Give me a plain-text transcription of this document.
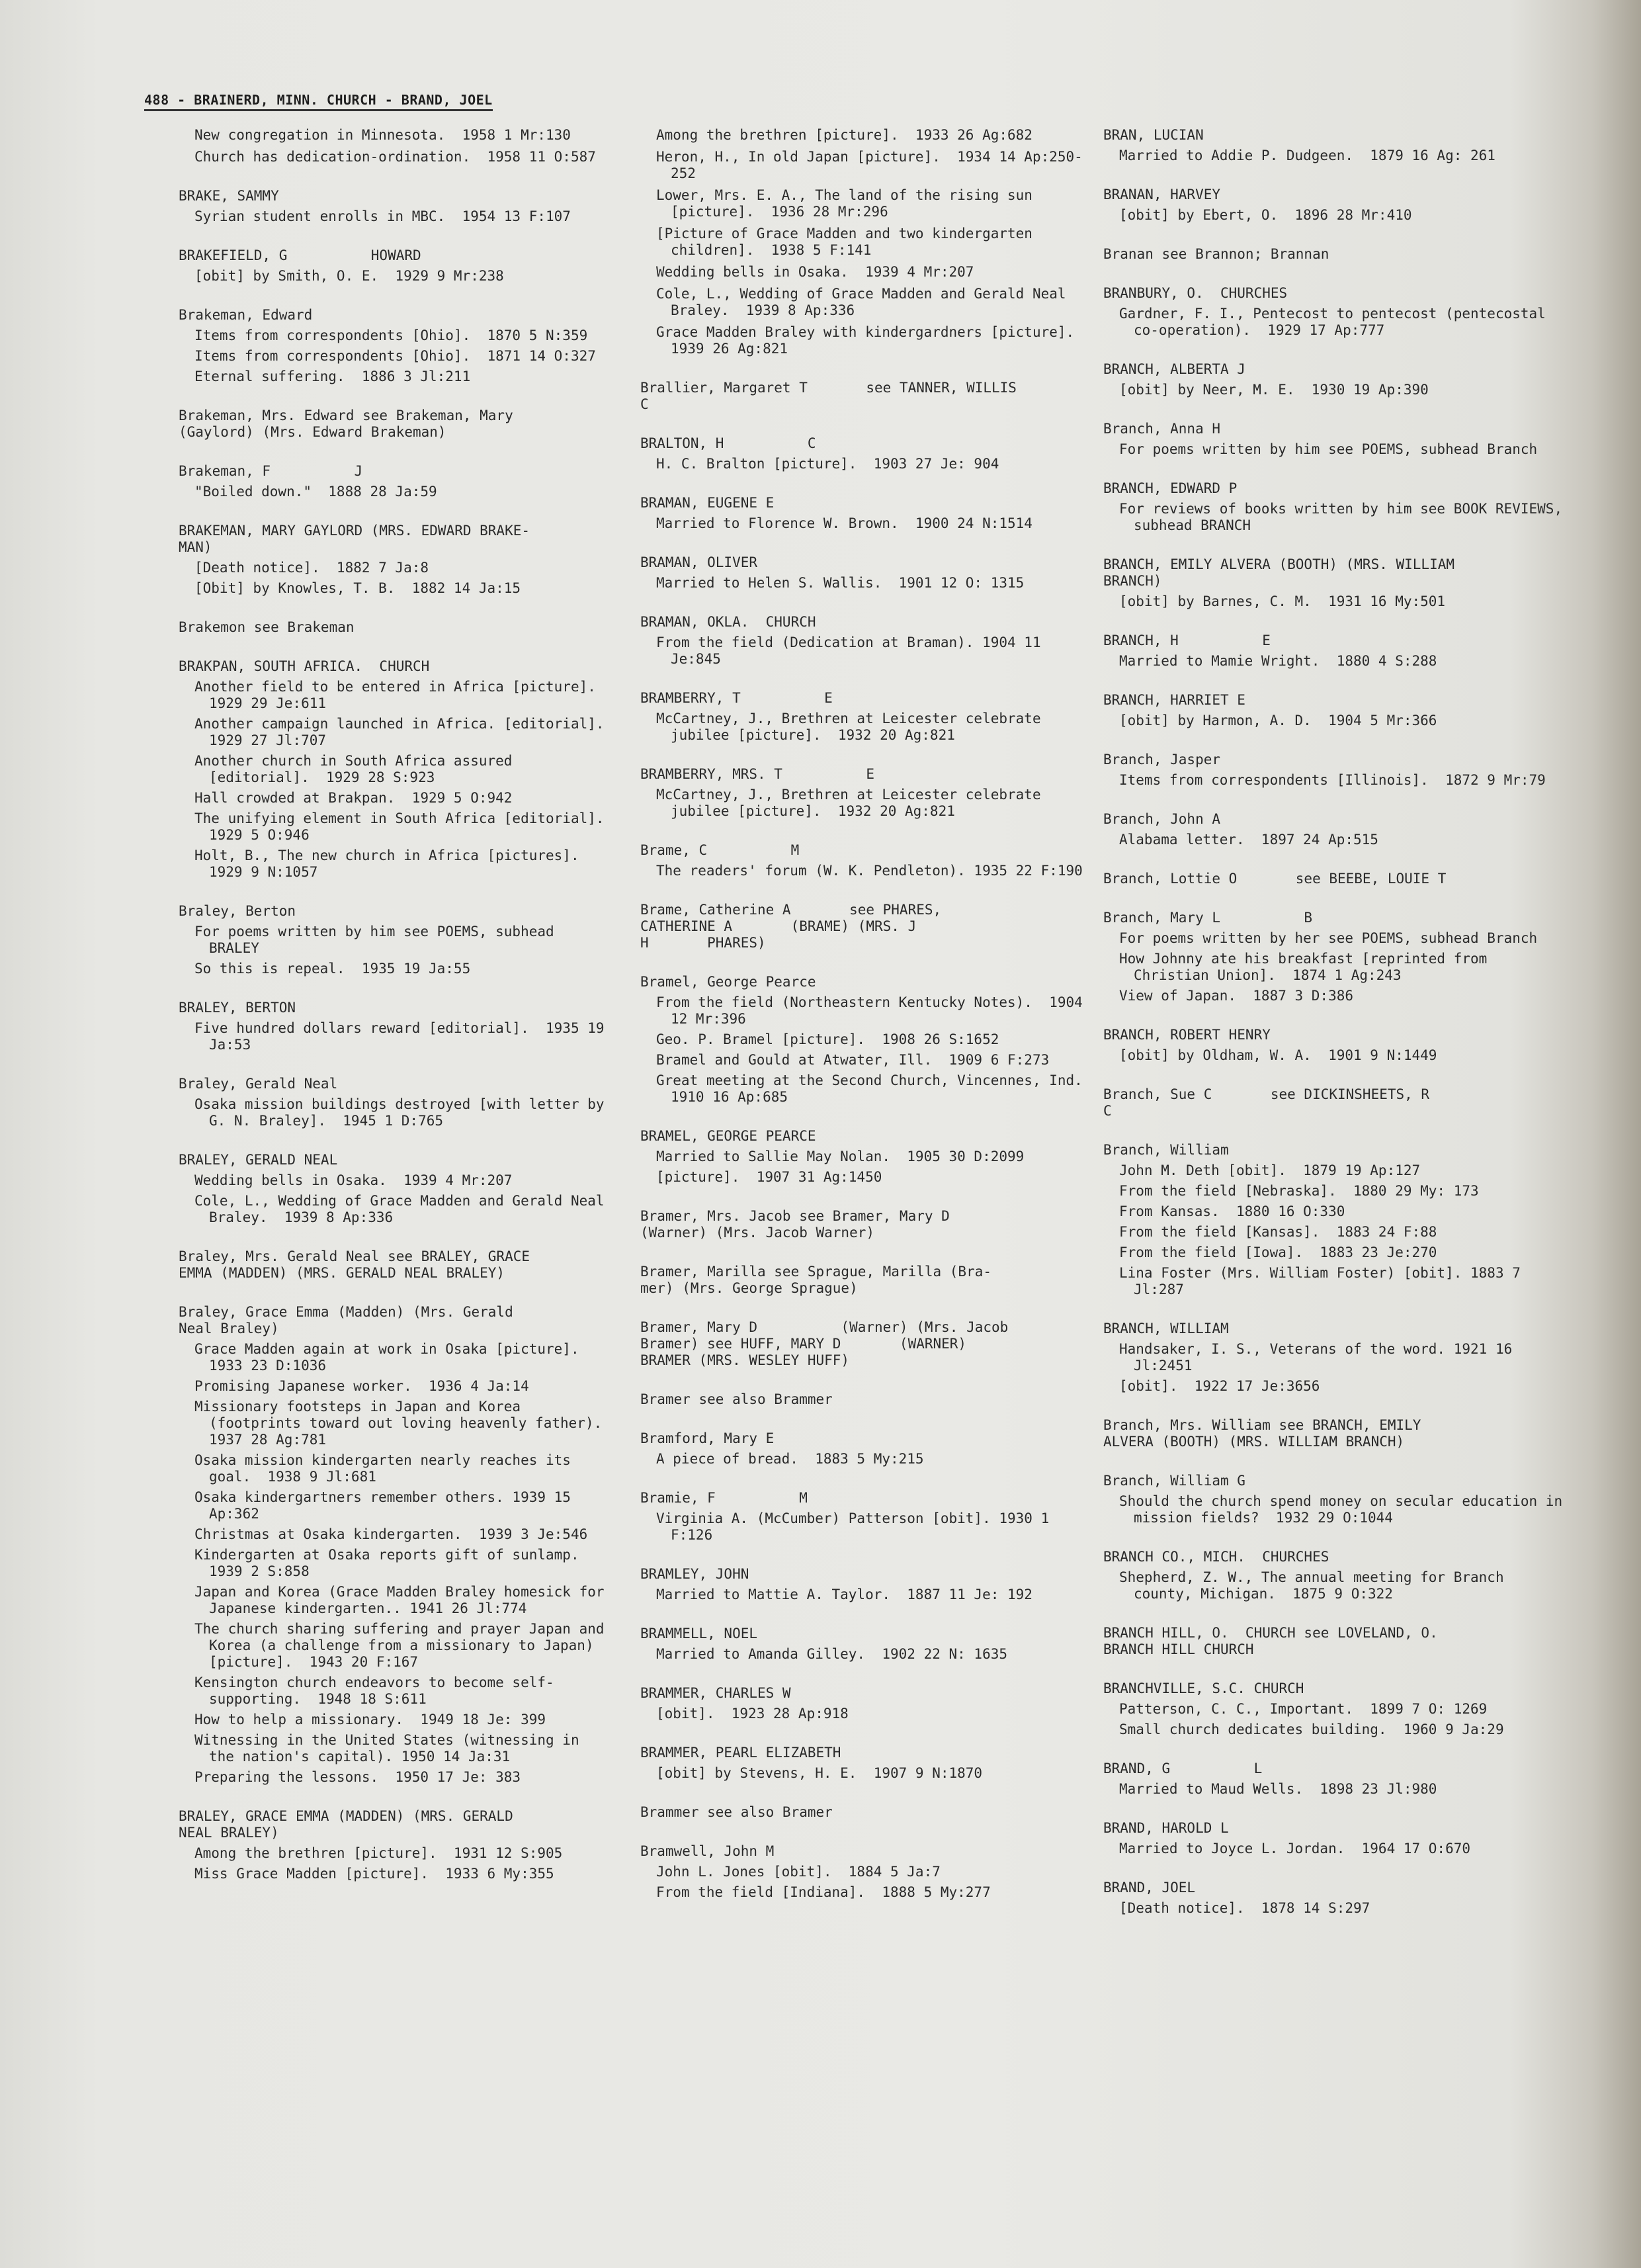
488 - BRAINERD, MINN. CHURCH - BRAND, JOEL
New congregation in Minnesota.  1958 1 Mr:130
Church has dedication-ordination.  1958 11 O:587
BRAKE, SAMMY
Syrian student enrolls in MBC.  1954 13 F:107
BRAKEFIELD, G          HOWARD
[obit] by Smith, O. E.  1929 9 Mr:238
Brakeman, Edward
Items from correspondents [Ohio].  1870 5 N:359
Items from correspondents [Ohio].  1871 14 O:327
Eternal suffering.  1886 3 Jl:211
Brakeman, Mrs. Edward see Brakeman, Mary
(Gaylord) (Mrs. Edward Brakeman)
Brakeman, F          J
"Boiled down."  1888 28 Ja:59
BRAKEMAN, MARY GAYLORD (MRS. EDWARD BRAKE-
MAN)
[Death notice].  1882 7 Ja:8
[Obit] by Knowles, T. B.  1882 14 Ja:15
Brakemon see Brakeman
BRAKPAN, SOUTH AFRICA.  CHURCH
Another field to be entered in Africa [picture].  1929 29 Je:611
Another campaign launched in Africa. [editorial].  1929 27 Jl:707
Another church in South Africa assured [editorial].  1929 28 S:923
Hall crowded at Brakpan.  1929 5 O:942
The unifying element in South Africa [editorial].  1929 5 O:946
Holt, B., The new church in Africa [pictures].  1929 9 N:1057
Braley, Berton
For poems written by him see POEMS, subhead BRALEY
So this is repeal.  1935 19 Ja:55
BRALEY, BERTON
Five hundred dollars reward [editorial].  1935 19 Ja:53
Braley, Gerald Neal
Osaka mission buildings destroyed [with letter by G. N. Braley].  1945 1 D:765
BRALEY, GERALD NEAL
Wedding bells in Osaka.  1939 4 Mr:207
Cole, L., Wedding of Grace Madden and Gerald Neal Braley.  1939 8 Ap:336
Braley, Mrs. Gerald Neal see BRALEY, GRACE
EMMA (MADDEN) (MRS. GERALD NEAL BRALEY)
Braley, Grace Emma (Madden) (Mrs. Gerald
Neal Braley)
Grace Madden again at work in Osaka [picture].  1933 23 D:1036
Promising Japanese worker.  1936 4 Ja:14
Missionary footsteps in Japan and Korea (footprints toward out loving heavenly father).  1937 28 Ag:781
Osaka mission kindergarten nearly reaches its goal.  1938 9 Jl:681
Osaka kindergartners remember others. 1939 15 Ap:362
Christmas at Osaka kindergarten.  1939 3 Je:546
Kindergarten at Osaka reports gift of sunlamp.  1939 2 S:858
Japan and Korea (Grace Madden Braley homesick for Japanese kindergarten.. 1941 26 Jl:774
The church sharing suffering and prayer Japan and Korea (a challenge from a missionary to Japan) [picture].  1943 20 F:167
Kensington church endeavors to become self-supporting.  1948 18 S:611
How to help a missionary.  1949 18 Je: 399
Witnessing in the United States (witnessing in the nation's capital). 1950 14 Ja:31
Preparing the lessons.  1950 17 Je: 383
BRALEY, GRACE EMMA (MADDEN) (MRS. GERALD
NEAL BRALEY)
Among the brethren [picture].  1931 12 S:905
Miss Grace Madden [picture].  1933 6 My:355
Among the brethren [picture].  1933 26 Ag:682
Heron, H., In old Japan [picture].  1934 14 Ap:250-252
Lower, Mrs. E. A., The land of the rising sun [picture].  1936 28 Mr:296
[Picture of Grace Madden and two kindergarten children].  1938 5 F:141
Wedding bells in Osaka.  1939 4 Mr:207
Cole, L., Wedding of Grace Madden and Gerald Neal Braley.  1939 8 Ap:336
Grace Madden Braley with kindergardners [picture].  1939 26 Ag:821
Brallier, Margaret T       see TANNER, WILLIS
C
BRALTON, H          C
H. C. Bralton [picture].  1903 27 Je: 904
BRAMAN, EUGENE E
Married to Florence W. Brown.  1900 24 N:1514
BRAMAN, OLIVER
Married to Helen S. Wallis.  1901 12 O: 1315
BRAMAN, OKLA.  CHURCH
From the field (Dedication at Braman). 1904 11 Je:845
BRAMBERRY, T          E
McCartney, J., Brethren at Leicester celebrate jubilee [picture].  1932 20 Ag:821
BRAMBERRY, MRS. T          E
McCartney, J., Brethren at Leicester celebrate jubilee [picture].  1932 20 Ag:821
Brame, C          M
The readers' forum (W. K. Pendleton). 1935 22 F:190
Brame, Catherine A       see PHARES,
CATHERINE A       (BRAME) (MRS. J
H       PHARES)
Bramel, George Pearce
From the field (Northeastern Kentucky Notes).  1904 12 Mr:396
Geo. P. Bramel [picture].  1908 26 S:1652
Bramel and Gould at Atwater, Ill.  1909 6 F:273
Great meeting at the Second Church, Vincennes, Ind.  1910 16 Ap:685
BRAMEL, GEORGE PEARCE
Married to Sallie May Nolan.  1905 30 D:2099
[picture].  1907 31 Ag:1450
Bramer, Mrs. Jacob see Bramer, Mary D
(Warner) (Mrs. Jacob Warner)
Bramer, Marilla see Sprague, Marilla (Bra-
mer) (Mrs. George Sprague)
Bramer, Mary D          (Warner) (Mrs. Jacob
Bramer) see HUFF, MARY D       (WARNER)
BRAMER (MRS. WESLEY HUFF)
Bramer see also Brammer
Bramford, Mary E
A piece of bread.  1883 5 My:215
Bramie, F          M
Virginia A. (McCumber) Patterson [obit]. 1930 1 F:126
BRAMLEY, JOHN
Married to Mattie A. Taylor.  1887 11 Je: 192
BRAMMELL, NOEL
Married to Amanda Gilley.  1902 22 N: 1635
BRAMMER, CHARLES W
[obit].  1923 28 Ap:918
BRAMMER, PEARL ELIZABETH
[obit] by Stevens, H. E.  1907 9 N:1870
Brammer see also Bramer
Bramwell, John M
John L. Jones [obit].  1884 5 Ja:7
From the field [Indiana].  1888 5 My:277
BRAN, LUCIAN
Married to Addie P. Dudgeen.  1879 16 Ag: 261
BRANAN, HARVEY
[obit] by Ebert, O.  1896 28 Mr:410
Branan see Brannon; Brannan
BRANBURY, O.  CHURCHES
Gardner, F. I., Pentecost to pentecost (pentecostal co-operation).  1929 17 Ap:777
BRANCH, ALBERTA J
[obit] by Neer, M. E.  1930 19 Ap:390
Branch, Anna H
For poems written by him see POEMS, subhead Branch
BRANCH, EDWARD P
For reviews of books written by him see BOOK REVIEWS, subhead BRANCH
BRANCH, EMILY ALVERA (BOOTH) (MRS. WILLIAM
BRANCH)
[obit] by Barnes, C. M.  1931 16 My:501
BRANCH, H          E
Married to Mamie Wright.  1880 4 S:288
BRANCH, HARRIET E
[obit] by Harmon, A. D.  1904 5 Mr:366
Branch, Jasper
Items from correspondents [Illinois].  1872 9 Mr:79
Branch, John A
Alabama letter.  1897 24 Ap:515
Branch, Lottie O       see BEEBE, LOUIE T
Branch, Mary L          B
For poems written by her see POEMS, subhead Branch
How Johnny ate his breakfast [reprinted from Christian Union].  1874 1 Ag:243
View of Japan.  1887 3 D:386
BRANCH, ROBERT HENRY
[obit] by Oldham, W. A.  1901 9 N:1449
Branch, Sue C       see DICKINSHEETS, R
C
Branch, William
John M. Deth [obit].  1879 19 Ap:127
From the field [Nebraska].  1880 29 My: 173
From Kansas.  1880 16 O:330
From the field [Kansas].  1883 24 F:88
From the field [Iowa].  1883 23 Je:270
Lina Foster (Mrs. William Foster) [obit]. 1883 7 Jl:287
BRANCH, WILLIAM
Handsaker, I. S., Veterans of the word. 1921 16 Jl:2451
[obit].  1922 17 Je:3656
Branch, Mrs. William see BRANCH, EMILY
ALVERA (BOOTH) (MRS. WILLIAM BRANCH)
Branch, William G
Should the church spend money on secular education in mission fields?  1932 29 O:1044
BRANCH CO., MICH.  CHURCHES
Shepherd, Z. W., The annual meeting for Branch county, Michigan.  1875 9 O:322
BRANCH HILL, O.  CHURCH see LOVELAND, O.
BRANCH HILL CHURCH
BRANCHVILLE, S.C. CHURCH
Patterson, C. C., Important.  1899 7 O: 1269
Small church dedicates building.  1960 9 Ja:29
BRAND, G          L
Married to Maud Wells.  1898 23 Jl:980
BRAND, HAROLD L
Married to Joyce L. Jordan.  1964 17 O:670
BRAND, JOEL
[Death notice].  1878 14 S:297
